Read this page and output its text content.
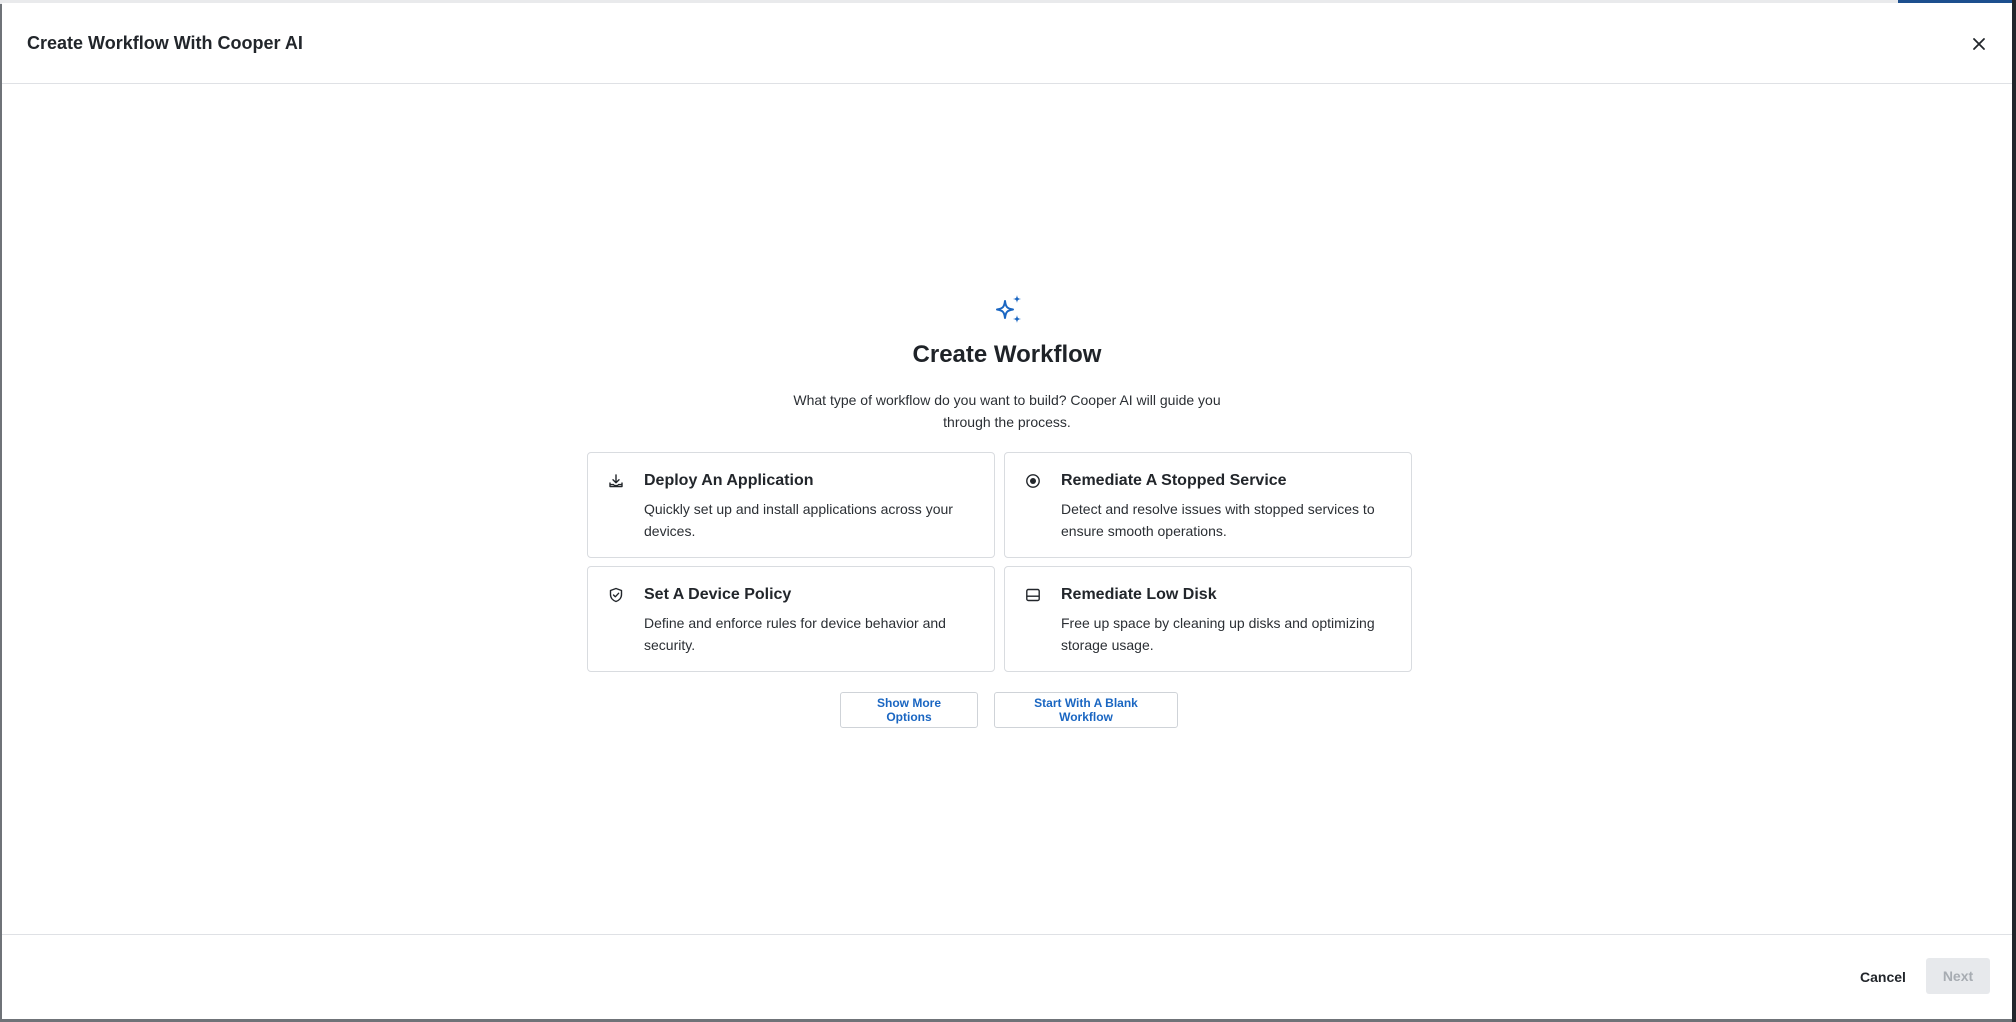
Create Workflow With Cooper AI
Create Workflow
What type of workflow do you want to build? Cooper AI will guide you through the process.
Deploy An Application
Quickly set up and install applications across your devices.
Remediate A Stopped Service
Detect and resolve issues with stopped services to ensure smooth operations.
Set A Device Policy
Define and enforce rules for device behavior and security.
Remediate Low Disk
Free up space by cleaning up disks and optimizing storage usage.
Show More Options
Start With A Blank Workflow
Cancel	Next
